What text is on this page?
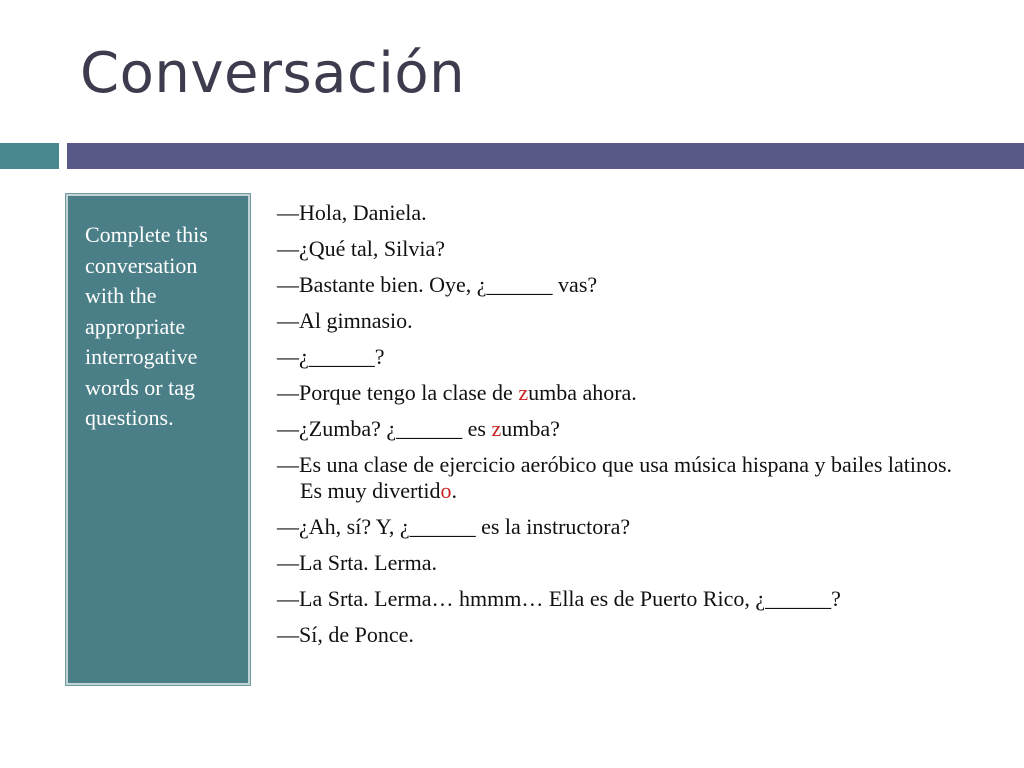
Conversación

Complete this conversation with the appropriate interrogative words or tag questions.

—Hola, Daniela.
—¿Qué tal, Silvia?
—Bastante bien. Oye, ¿______ vas?
—Al gimnasio.
—¿______?
—Porque tengo la clase de zumba ahora.
—¿Zumba? ¿______ es zumba?
—Es una clase de ejercicio aeróbico que usa música hispana y bailes latinos. Es muy divertido.
—¿Ah, sí? Y, ¿______ es la instructora?
—La Srta. Lerma.
—La Srta. Lerma… hmmm… Ella es de Puerto Rico, ¿______?
—Sí, de Ponce.
